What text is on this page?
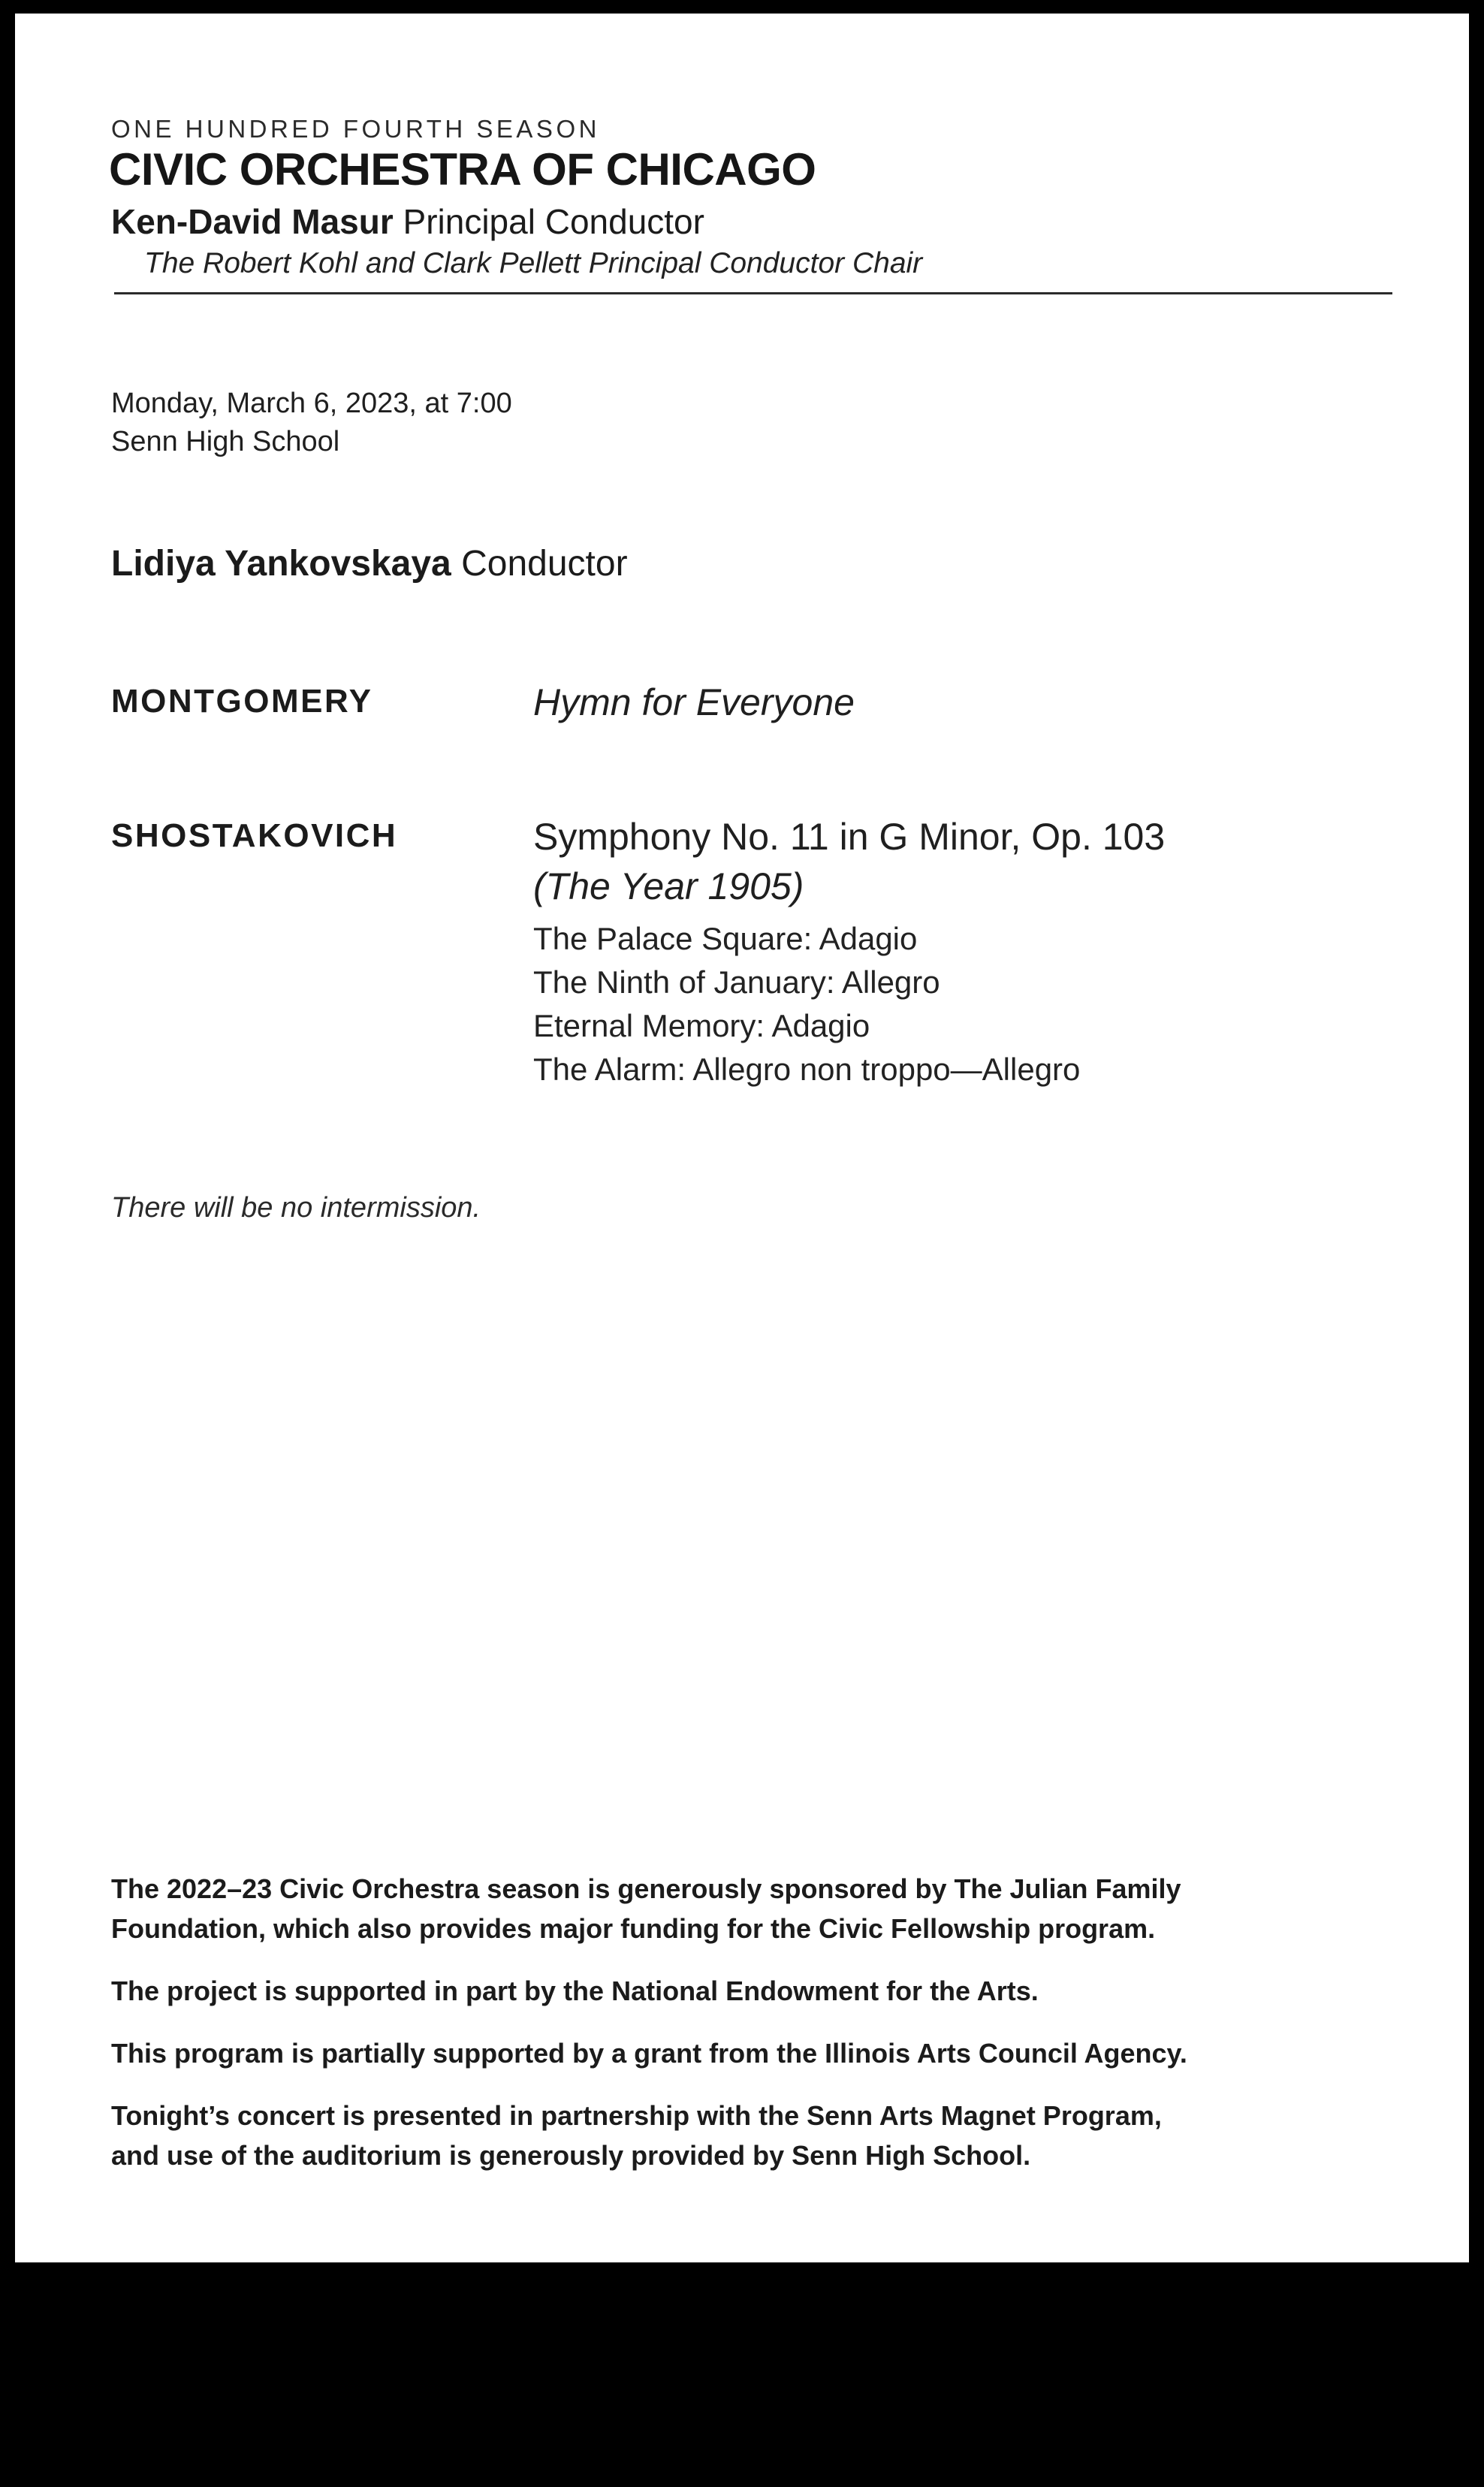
ONE HUNDRED FOURTH SEASON
CIVIC ORCHESTRA OF CHICAGO
Ken-David Masur Principal Conductor
The Robert Kohl and Clark Pellett Principal Conductor Chair
Monday, March 6, 2023, at 7:00
Senn High School
Lidiya Yankovskaya Conductor
MONTGOMERY	Hymn for Everyone
SHOSTAKOVICH	Symphony No. 11 in G Minor, Op. 103
(The Year 1905)
The Palace Square: Adagio
The Ninth of January: Allegro
Eternal Memory: Adagio
The Alarm: Allegro non troppo—Allegro
There will be no intermission.
The 2022–23 Civic Orchestra season is generously sponsored by The Julian Family
Foundation, which also provides major funding for the Civic Fellowship program.
The project is supported in part by the National Endowment for the Arts.
This program is partially supported by a grant from the Illinois Arts Council Agency.
Tonight’s concert is presented in partnership with the Senn Arts Magnet Program,
and use of the auditorium is generously provided by Senn High School.
